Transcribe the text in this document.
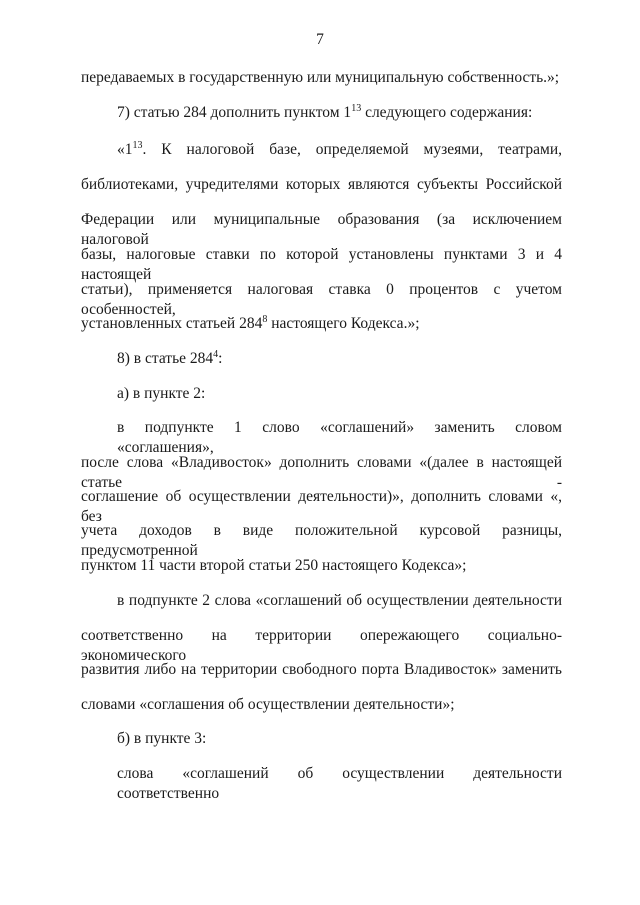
7
передаваемых в государственную или муниципальную собственность.»;
7) статью 284 дополнить пунктом $1^{13}$ следующего содержания:
«$1^{13}$. К налоговой базе, определяемой музеями, театрами,
библиотеками, учредителями которых являются субъекты Российской
Федерации или муниципальные образования (за исключением налоговой
базы, налоговые ставки по которой установлены пунктами 3 и 4 настоящей
статьи), применяется налоговая ставка 0 процентов с учетом особенностей,
установленных статьей $284^8$ настоящего Кодекса.»;
8) в статье $284^4$:
а) в пункте 2:
в подпункте 1 слово «соглашений» заменить словом «соглашения»,
после слова «Владивосток» дополнить словами «(далее в настоящей статье -
соглашение об осуществлении деятельности)», дополнить словами «, без
учета доходов в виде положительной курсовой разницы, предусмотренной
пунктом 11 части второй статьи 250 настоящего Кодекса»;
в подпункте 2 слова «соглашений об осуществлении деятельности
соответственно на территории опережающего социально-экономического
развития либо на территории свободного порта Владивосток» заменить
словами «соглашения об осуществлении деятельности»;
б) в пункте 3:
слова «соглашений об осуществлении деятельности соответственно
